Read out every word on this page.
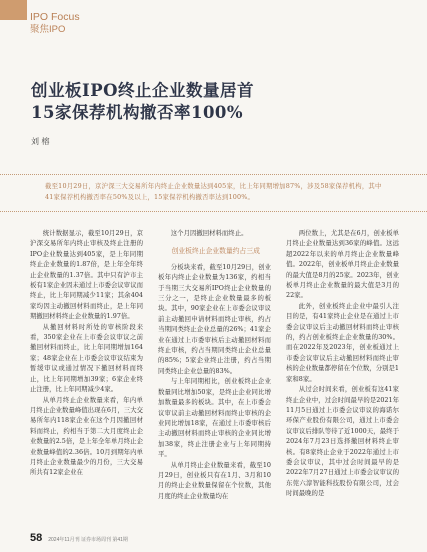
IPO Focus
聚焦IPO
创业板IPO终止企业数量居首
15家保荐机构撤否率100%
刘 榕

截至10月29日，京沪深三大交易所年内终止企业数量达到405家，比上年同期增加87%，涉及58家保荐机构，其中41家保荐机构撤否率在50%及以上，15家保荐机构撤否率达到100%。

统计数据显示，截至10月29日，京沪深交易所年内终止审核及终止注册的IPO企业数量达到405家，是上年同期终止企业数量的1.87倍，是上年全年终止企业数量的1.37倍。其中只有沪市主板有1家企业因未通过上市委会议审议而终止，比上年同期减少11家；其余404家均因主动撤回材料而终止，是上年同期撤回材料终止企业数量的1.97倍。

从撤回材料时所处的审核阶段来看，350家企业在上市委会议审议之前撤回材料而终止，比上年同期增加164家；48家企业在上市委会议审议结束为暂缓审议或通过情况下撤回材料而终止，比上年同期增加39家；6家企业终止注册，比上年同期减少4家。

从单月终止企业数量来看，年内单月终止企业数量峰值出现在6月，三大交易所年内118家企业在这个月因撤回材料而终止，约相当于第二大月度终止企业数量的2.5倍，是上年全年单月终止企业数量峰值的2.36倍。10月到期年内单月终止企业数量最少的月份，三大交易所共有12家企业在

这个月因撤回材料而终止。

创业板终止企业数量约占三成

分板块来看，截至10月29日，创业板年内终止企业数量为136家，约相当于当期三大交易所IPO终止企业数量的三分之一，是终止企业数量最多的板块。其中，90家企业在上市委会议审议前主动撤回申请材料而终止审核，约占当期同类终止企业总量的26%；41家企业在通过上市委审核后主动撤回材料而终止审核，约占当期同类终止企业总量的85%；5家企业终止注册，约占当期同类终止企业总量的83%。

与上年同期相比，创业板终止企业数量同比增加50家，是终止企业同比增加数量最多的板块。其中，在上市委会议审议前主动撤回材料而终止审核的企业同比增加18家，在通过上市委审核后主动撤回材料而终止审核的企业同比增加38家，终止注册企业与上年同期持平。

从单月终止企业数量来看，截至10月29日，创业板只有在1月、3月和10月的终止企业数量保留在个位数，其他月度的终止企业数量均在

两位数上，尤其是在6月，创业板单月终止企业数量达到36家的峰值。这远超2022年以来的单月终止企业数量峰值。2022年，创业板单月终止企业数量的最大值是8月的25家。2023年，创业板单月终止企业数量的最大值是3月的22家。

此外，创业板终止企业中最引人注目的是，有41家终止企业是在通过上市委会议审议后主动撤回材料而终止审核的，约占创业板终止企业数量的30%。而在2022年及2023年，创业板通过上市委会议审议后主动撤回材料而终止审核的企业数量都停留在个位数，分别是1家和8家。

从过会时间来看，创业板有这41家终止企业中，过会时间最早的是2021年11月5日通过上市委会议审议的海诺尔环保产业股份有限公司，通过上市委会议审议后排队等待了近1000天，最终于2024年7月23日选择撤回材料终止审核。有8家终止企业于2022年通过上市委会议审议，其中过会时间最早的是2022年7月27日通过上市委会议审议的东莞六淳智能科技股份有限公司，过会时间最晚的是

58 2024年11月刊 证券市场周刊 第41期
